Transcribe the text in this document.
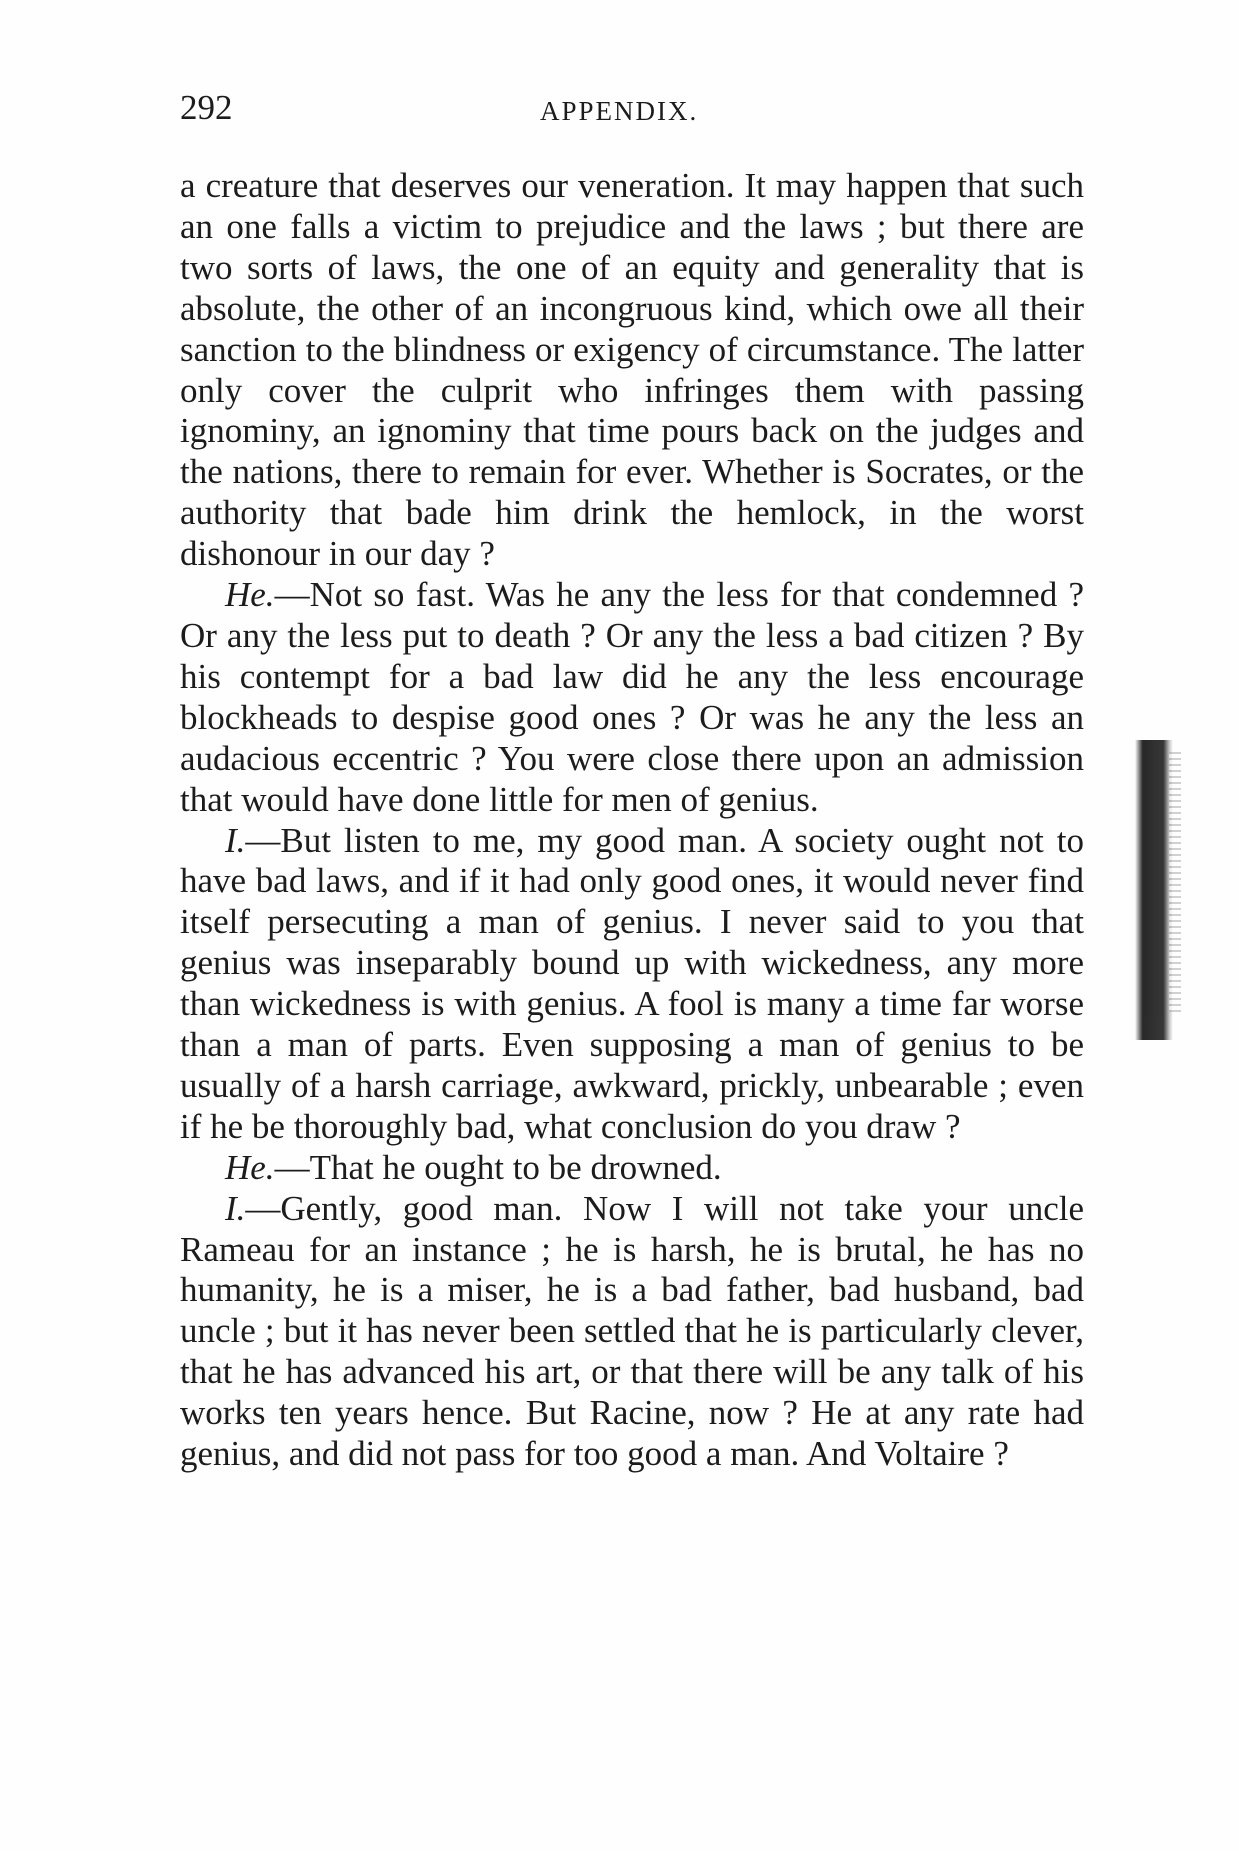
292	APPENDIX.

a creature that deserves our veneration. It may happen that such an one falls a victim to prejudice and the laws ; but there are two sorts of laws, the one of an equity and generality that is absolute, the other of an incongruous kind, which owe all their sanction to the blindness or exigency of circumstance. The latter only cover the culprit who infringes them with passing ignominy, an ignominy that time pours back on the judges and the nations, there to remain for ever. Whether is Socrates, or the authority that bade him drink the hemlock, in the worst dishonour in our day ?

He.—Not so fast. Was he any the less for that condemned ? Or any the less put to death ? Or any the less a bad citizen ? By his contempt for a bad law did he any the less encourage blockheads to despise good ones ? Or was he any the less an audacious eccentric ? You were close there upon an admission that would have done little for men of genius.

I.—But listen to me, my good man. A society ought not to have bad laws, and if it had only good ones, it would never find itself persecuting a man of genius. I never said to you that genius was inseparably bound up with wickedness, any more than wickedness is with genius. A fool is many a time far worse than a man of parts. Even supposing a man of genius to be usually of a harsh carriage, awkward, prickly, unbearable ; even if he be thoroughly bad, what conclusion do you draw ?

He.—That he ought to be drowned.

I.—Gently, good man. Now I will not take your uncle Rameau for an instance ; he is harsh, he is brutal, he has no humanity, he is a miser, he is a bad father, bad husband, bad uncle ; but it has never been settled that he is particularly clever, that he has advanced his art, or that there will be any talk of his works ten years hence. But Racine, now ? He at any rate had genius, and did not pass for too good a man. And Voltaire ?
